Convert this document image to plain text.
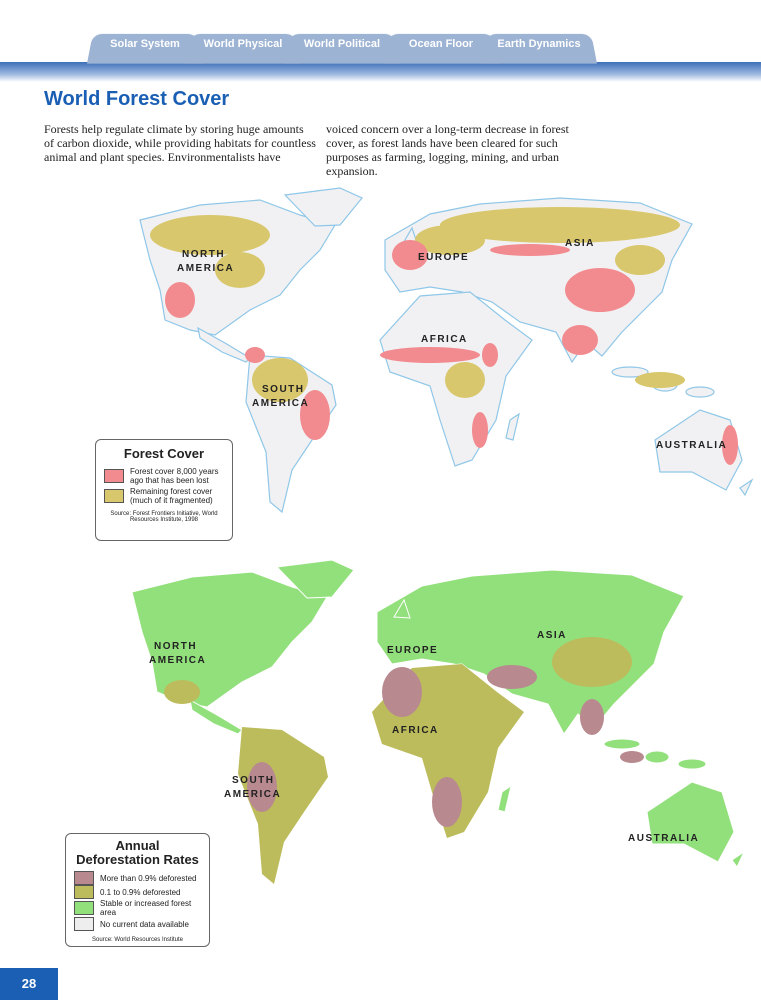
Solar System	World Physical	World Political	Ocean Floor	Earth Dynamics
World Forest Cover
Forests help regulate climate by storing huge amounts of carbon dioxide, while providing habitats for countless animal and plant species. Environmentalists have
voiced concern over a long-term decrease in forest cover, as forest lands have been cleared for such purposes as farming, logging, mining, and urban expansion.
NORTH
AMERICA
SOUTH
AMERICA
EUROPE
ASIA
AFRICA
AUSTRALIA
NORTH
AMERICA
SOUTH
AMERICA
EUROPE
ASIA
AFRICA
AUSTRALIA
Forest Cover
Forest cover 8,000 years ago that has been lost
Remaining forest cover (much of it fragmented)
Source: Forest Frontiers Initiative, World Resources Institute, 1998
Annual Deforestation Rates
More than 0.9% deforested
0.1 to 0.9% deforested
Stable or increased forest area
No current data available
Source: World Resources Institute
28
